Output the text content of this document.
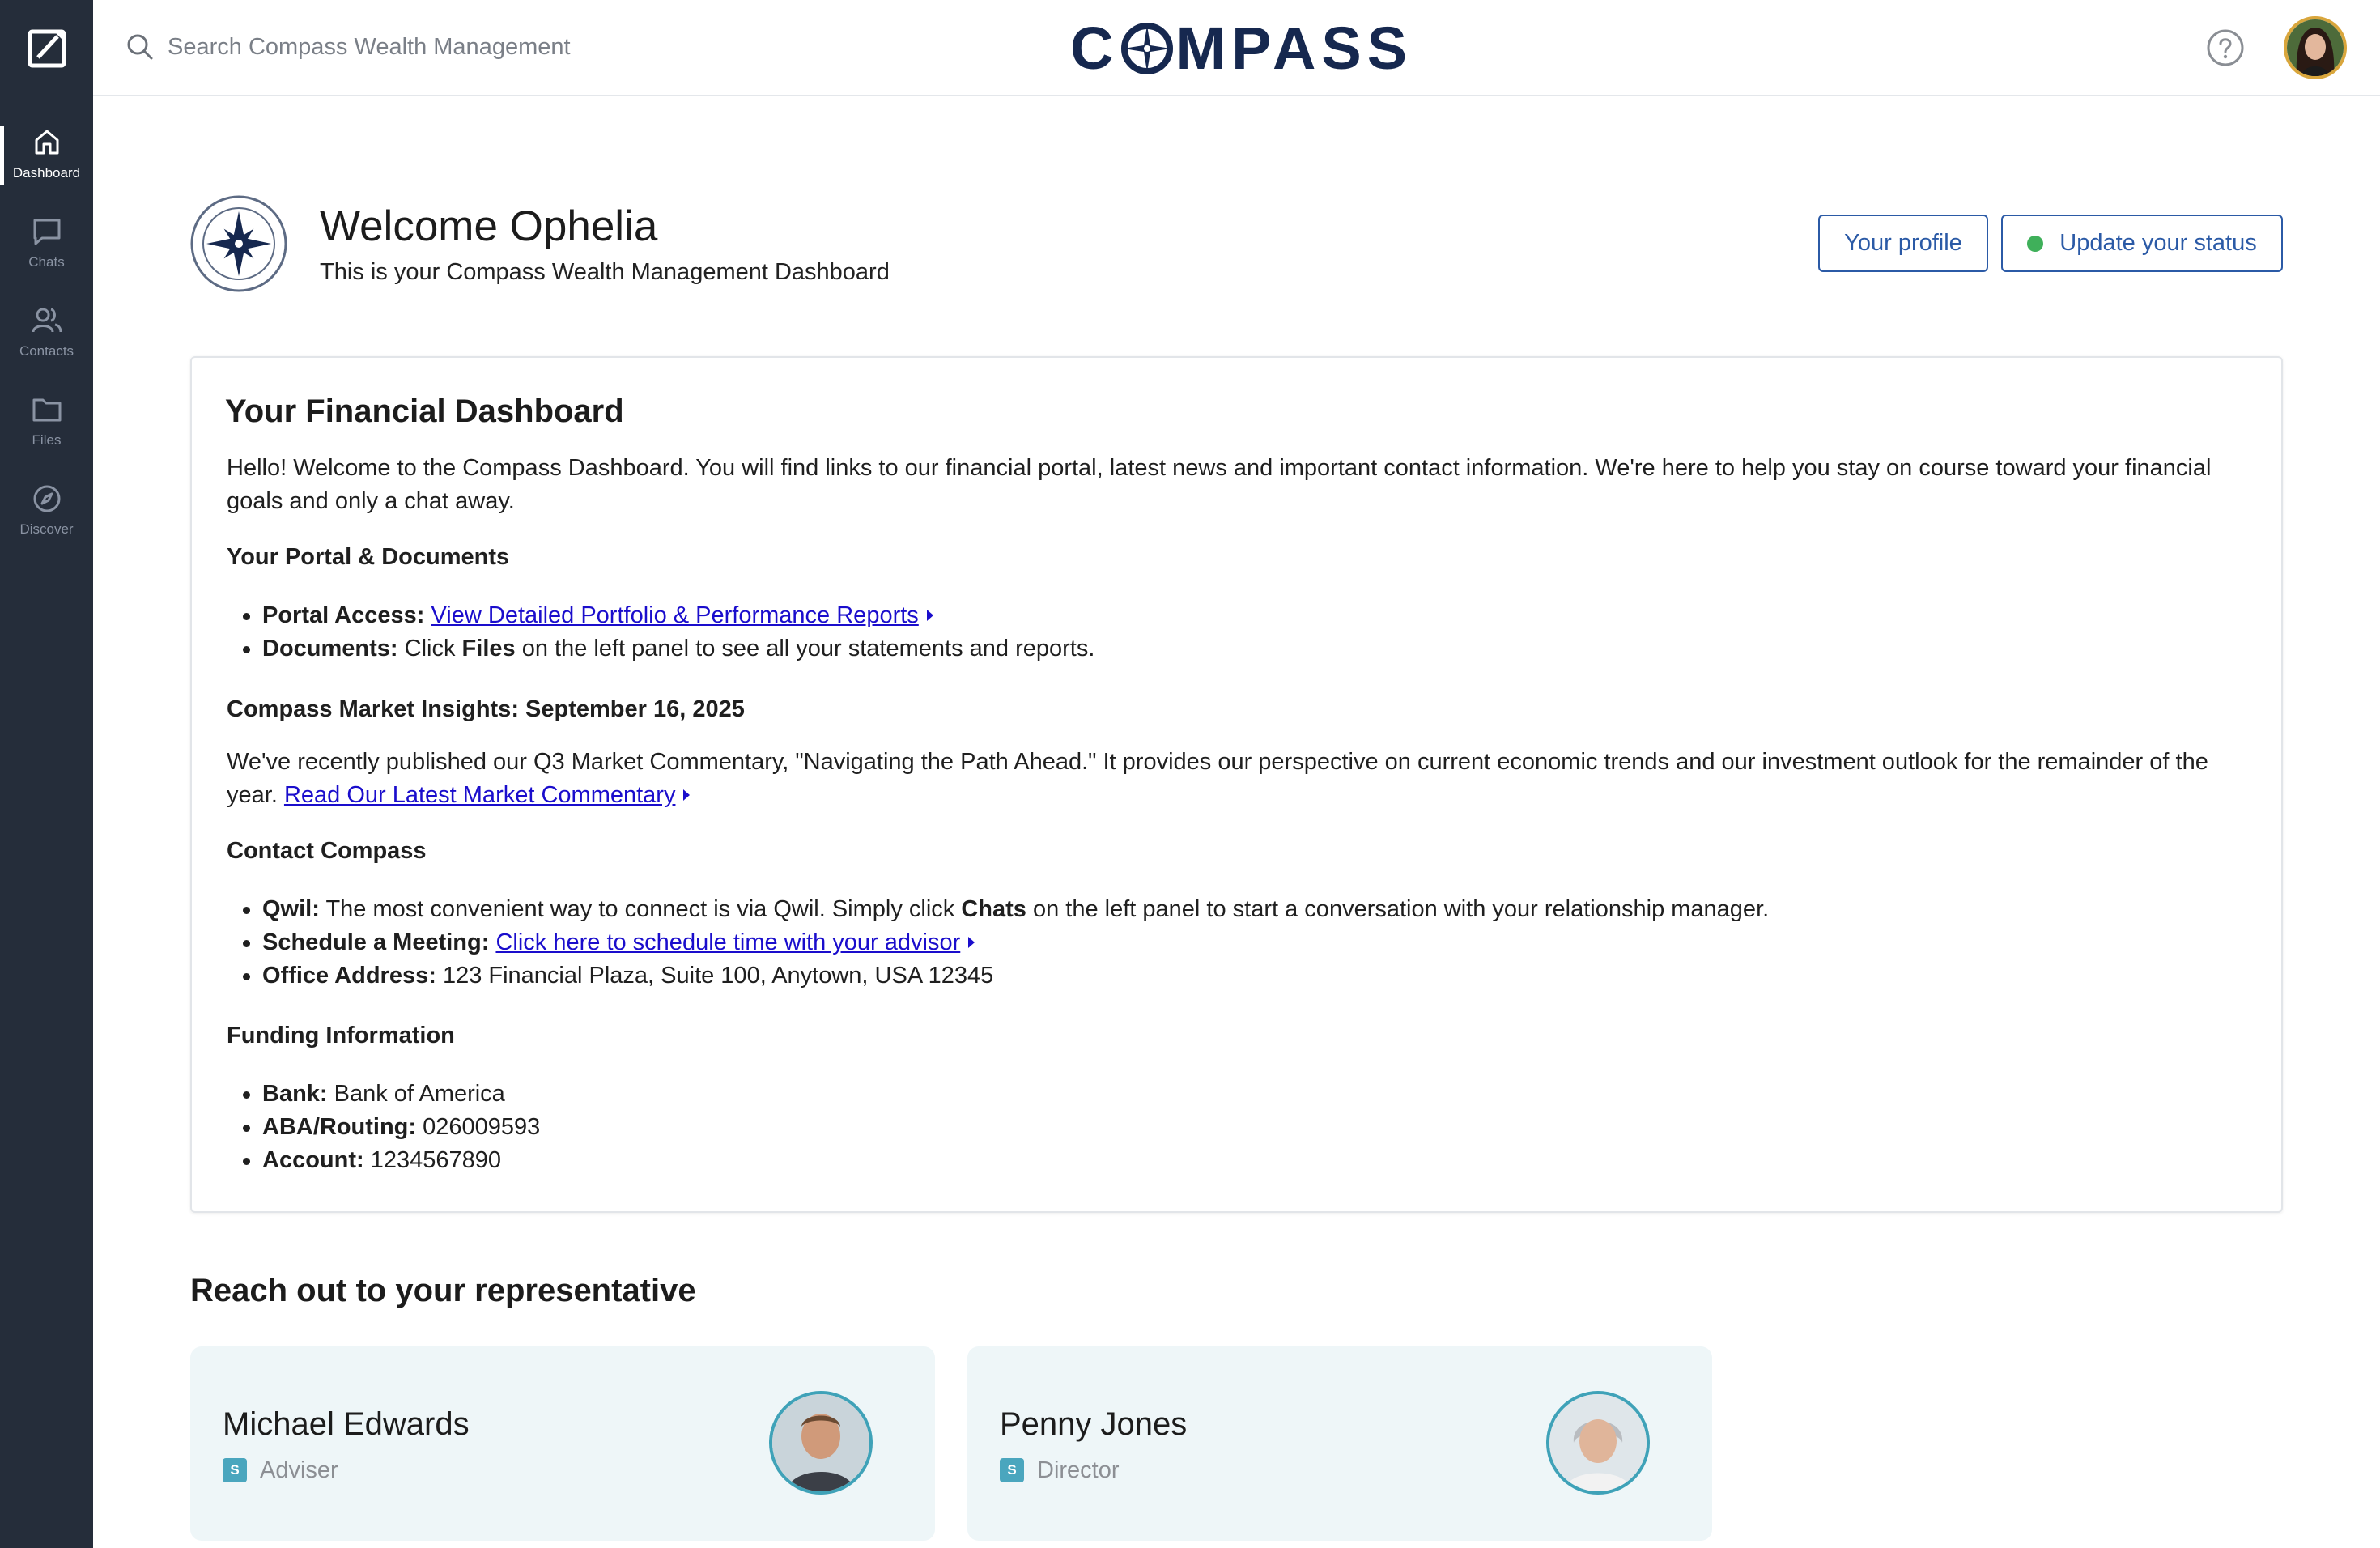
Dashboard
Chats
Contacts
Files
Discover
Search Compass Wealth Management
C MPASS
Welcome Ophelia
This is your Compass Wealth Management Dashboard
Your profile	Update your status
Your Financial Dashboard

Hello! Welcome to the Compass Dashboard. You will find links to our financial portal, latest news and important contact information. We're here to help you stay on course toward your financial goals and only a chat away.

Your Portal & Documents
Portal Access: View Detailed Portfolio & Performance Reports
Documents: Click Files on the left panel to see all your statements and reports.
Compass Market Insights: September 16, 2025

We've recently published our Q3 Market Commentary, "Navigating the Path Ahead." It provides our perspective on current economic trends and our investment outlook for the remainder of the year. Read Our Latest Market Commentary

Contact Compass
Qwil: The most convenient way to connect is via Qwil. Simply click Chats on the left panel to start a conversation with your relationship manager.
Schedule a Meeting: Click here to schedule time with your advisor
Office Address: 123 Financial Plaza, Suite 100, Anytown, USA 12345
Funding Information
Bank: Bank of America
ABA/Routing: 026009593
Account: 1234567890
Reach out to your representative
Michael Edwards
S Adviser
Penny Jones
S Director
